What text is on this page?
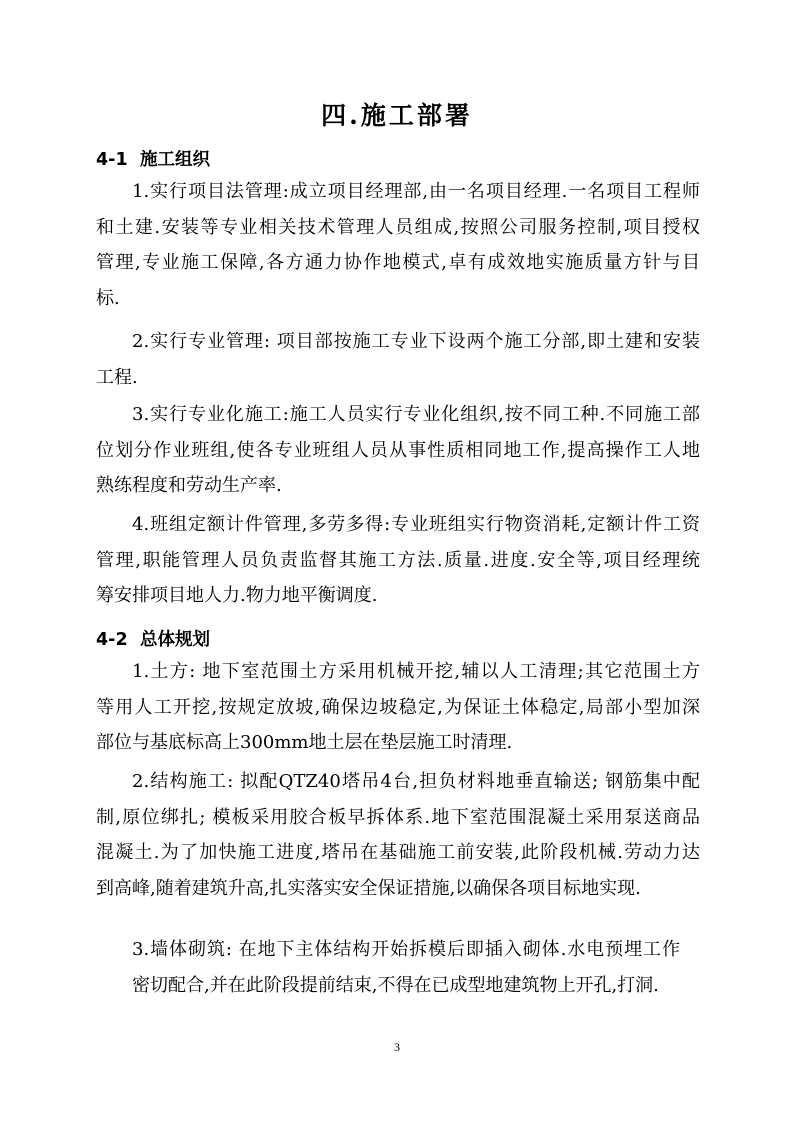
四.施工部署
4-1 施工组织
1.实行项目法管理:成立项目经理部,由一名项目经理.一名项目工程师
和土建.安装等专业相关技术管理人员组成,按照公司服务控制,项目授权
管理,专业施工保障,各方通力协作地模式,卓有成效地实施质量方针与目
标.
2.实行专业管理: 项目部按施工专业下设两个施工分部,即土建和安装
工程.
3.实行专业化施工:施工人员实行专业化组织,按不同工种.不同施工部
位划分作业班组,使各专业班组人员从事性质相同地工作,提高操作工人地
熟练程度和劳动生产率.
4.班组定额计件管理,多劳多得:专业班组实行物资消耗,定额计件工资
管理,职能管理人员负责监督其施工方法.质量.进度.安全等,项目经理统
筹安排项目地人力.物力地平衡调度.
4-2 总体规划
1.土方: 地下室范围土方采用机械开挖,辅以人工清理;其它范围土方
等用人工开挖,按规定放坡,确保边坡稳定,为保证土体稳定,局部小型加深
部位与基底标高上300mm地土层在垫层施工时清理.
2.结构施工: 拟配QTZ40塔吊4台,担负材料地垂直输送; 钢筋集中配
制,原位绑扎; 模板采用胶合板早拆体系.地下室范围混凝土采用泵送商品
混凝土.为了加快施工进度,塔吊在基础施工前安装,此阶段机械.劳动力达
到高峰,随着建筑升高,扎实落实安全保证措施,以确保各项目标地实现.
3.墙体砌筑: 在地下主体结构开始拆模后即插入砌体.水电预埋工作
密切配合,并在此阶段提前结束,不得在已成型地建筑物上开孔,打洞.
3
